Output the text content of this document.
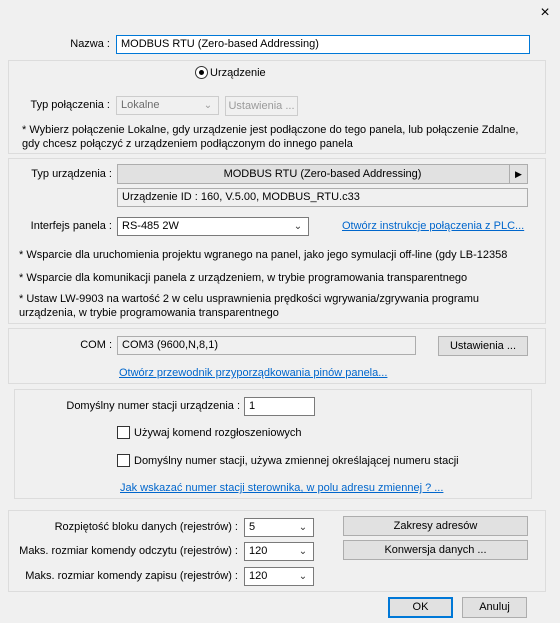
×
Nazwa :	MODBUS RTU (Zero-based Addressing)
Urządzenie
Typ połączenia :	Lokalne	⌄	Ustawienia ...
* Wybierz połączenie Lokalne, gdy urządzenie jest podłączone do tego panela, lub połączenie Zdalne, gdy chcesz połączyć z urządzeniem podłączonym do innego panela
Typ urządzenia :	MODBUS RTU (Zero-based Addressing)	▶
Urządzenie ID : 160, V.5.00, MODBUS_RTU.c33
Interfejs panela : RS-485 2W	⌄	Otwórz instrukcje połączenia z PLC...
* Wsparcie dla uruchomienia projektu wgranego na panel, jako jego symulacji off-line (gdy LB-12358
* Wsparcie dla komunikacji panela z urządzeniem, w trybie programowania transparentnego
* Ustaw LW-9903 na wartość 2 w celu usprawnienia prędkości wgrywania/zgrywania programu urządzenia, w trybie programowania transparentnego
COM : COM3 (9600,N,8,1)	Ustawienia ...
Otwórz przewodnik przyporządkowania pinów panela...
Domyślny numer stacji urządzenia : 1
Używaj komend rozgłoszeniowych
Domyślny numer stacji, używa zmiennej określającej numeru stacji
Jak wskazać numer stacji sterownika, w polu adresu zmiennej ? ...
Rozpiętość bloku danych (rejestrów) :	5	⌄	Zakresy adresów
Maks. rozmiar komendy odczytu (rejestrów) :	120	⌄	Konwersja danych ...
Maks. rozmiar komendy zapisu (rejestrów) :	120	⌄
OK	Anuluj
